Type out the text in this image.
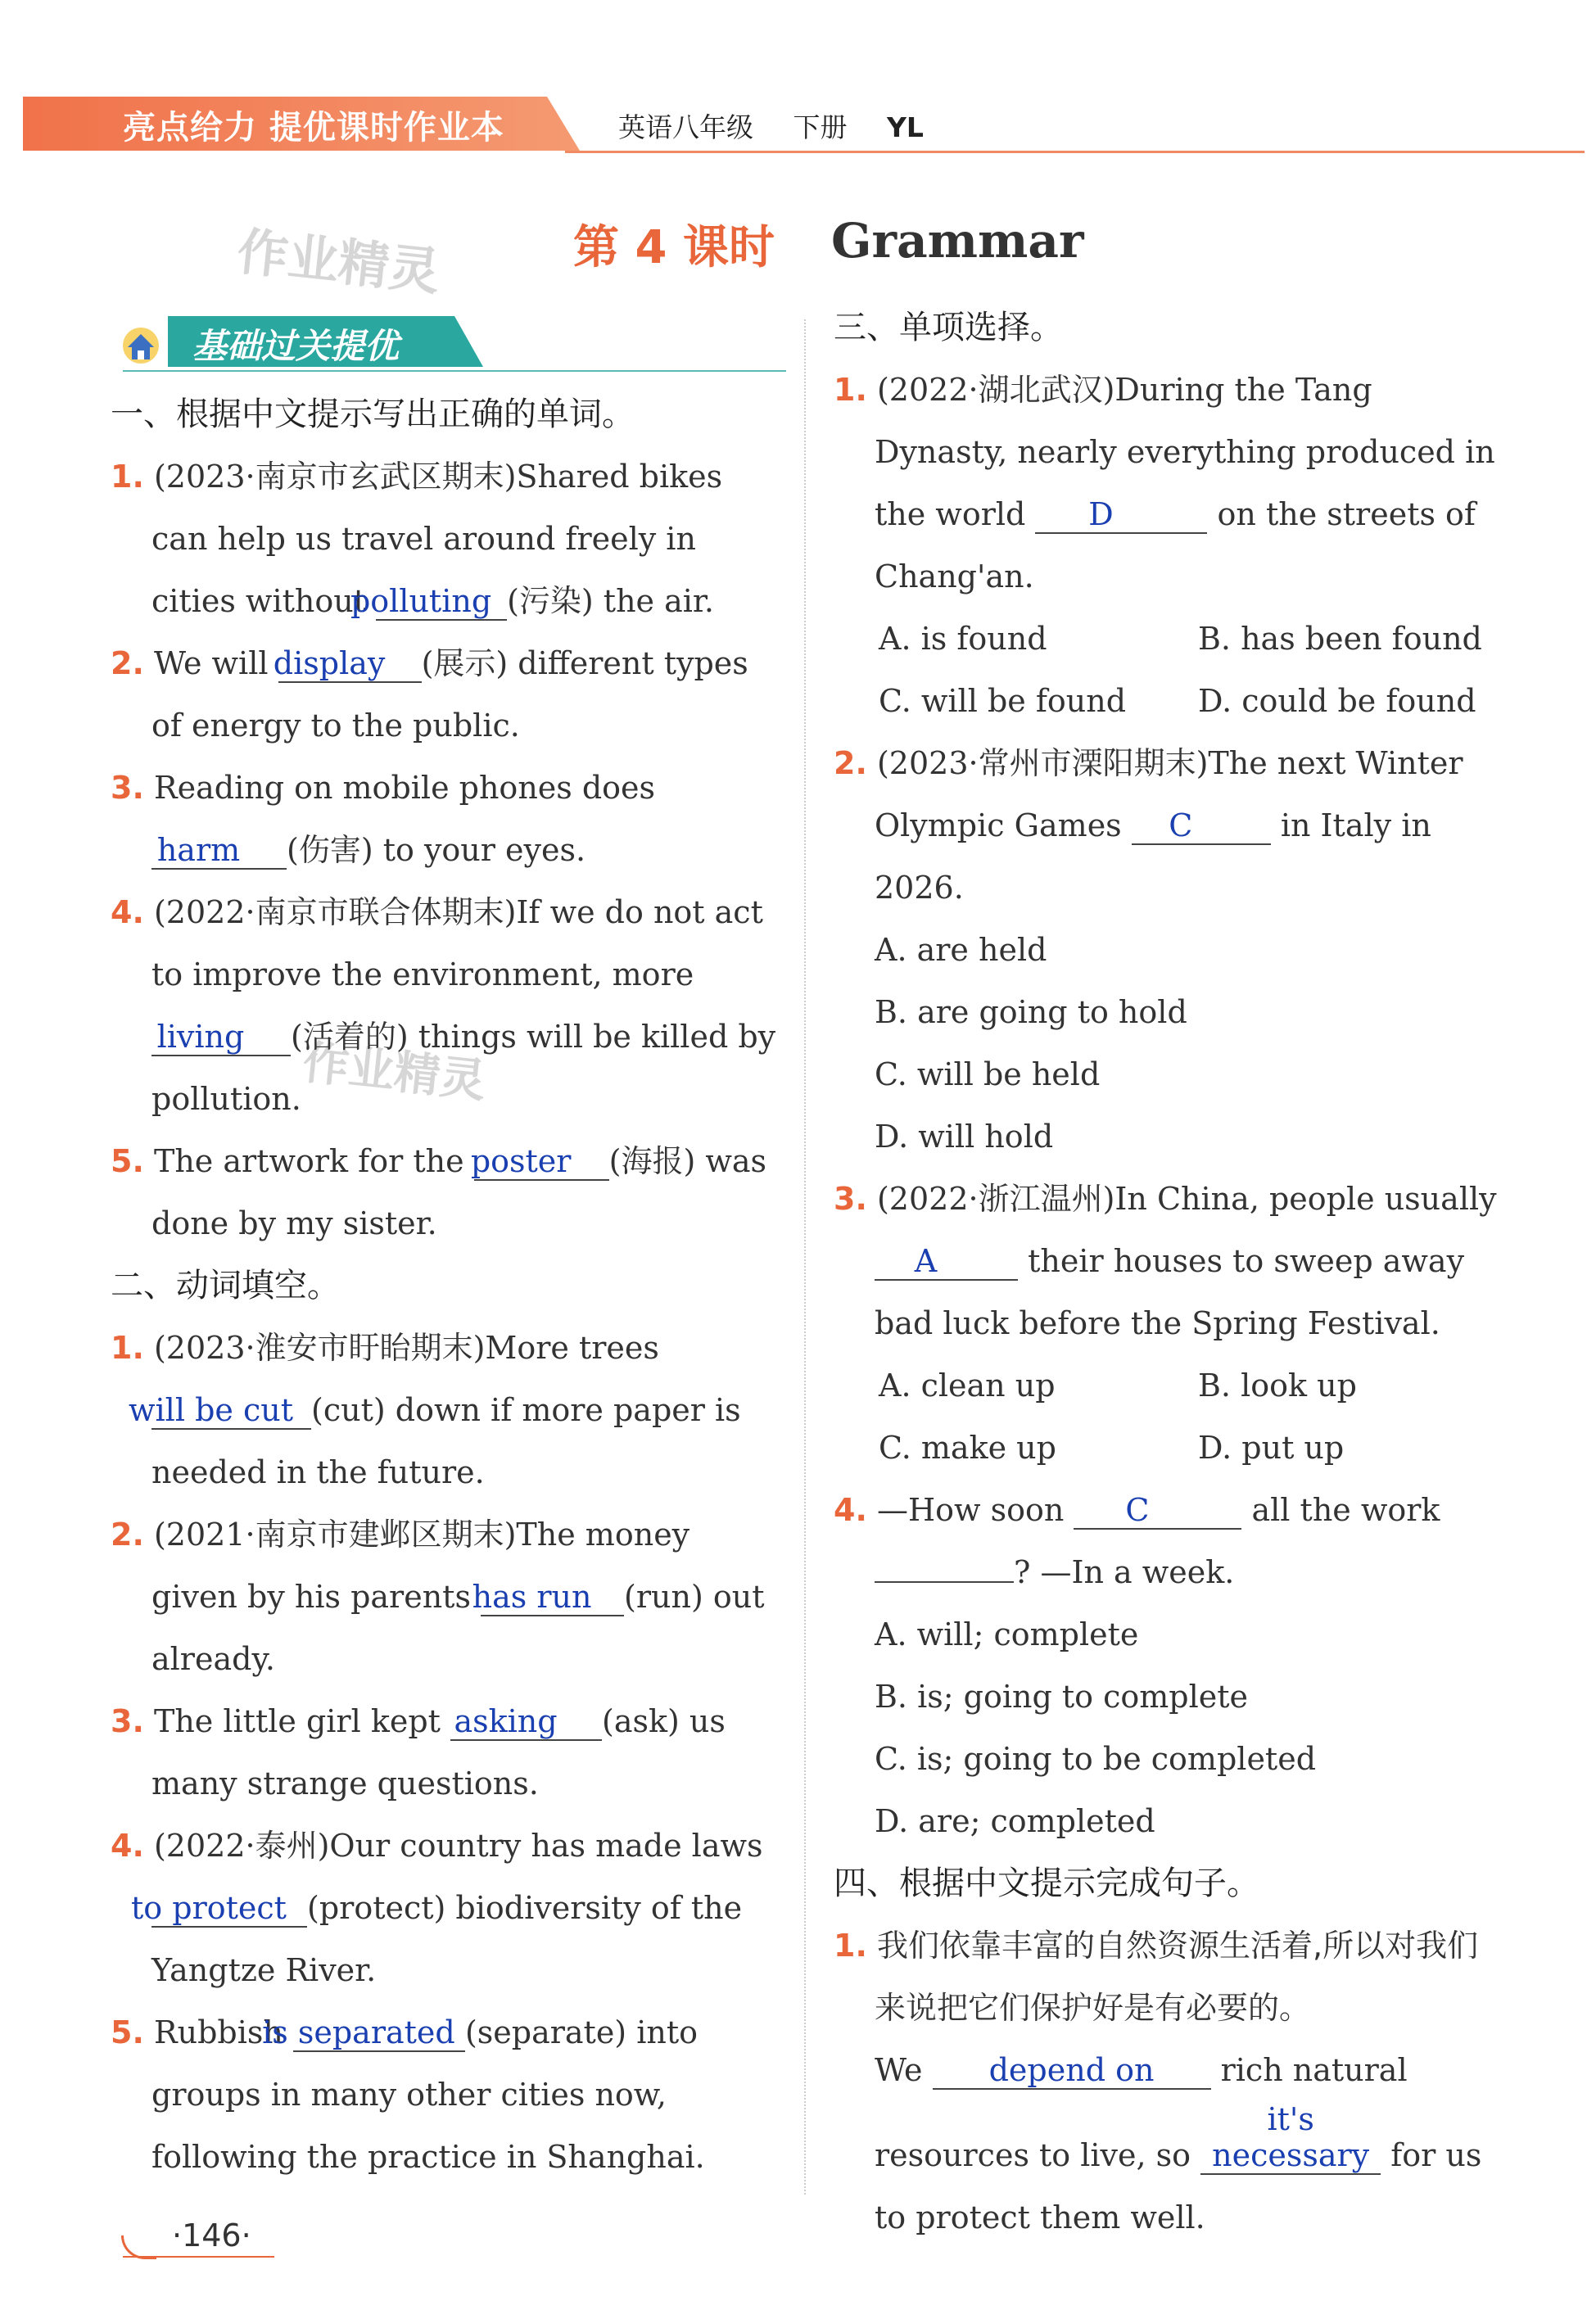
亮点给力 提优课时作业本	英语八年级 下册 YL
作业精灵
作业精灵
第 4 课时 Grammar
基础过关提优

一、根据中文提示写出正确的单词。

1. (2023·南京市玄武区期末)Shared bikes can help us travel around freely in cities without polluting (污染) the air.
2. We will display (展示) different types of energy to the public.
3. Reading on mobile phones does harm (伤害) to your eyes.
4. (2022·南京市联合体期末)If we do not act to improve the environment, more living (活着的) things will be killed by pollution.
5. The artwork for the poster (海报) was done by my sister.

二、动词填空。

1. (2023·淮安市盱眙期末)More trees will be cut (cut) down if more paper is needed in the future.
2. (2021·南京市建邺区期末)The money given by his parents has run (run) out already.
3. The little girl kept asking (ask) us many strange questions.
4. (2022·泰州)Our country has made laws to protect (protect) biodiversity of the Yangtze River.
5. Rubbish is separated (separate) into groups in many other cities now, following the practice in Shanghai.

三、单项选择。

1. (2022·湖北武汉)During the Tang Dynasty, nearly everything produced in the world D	on the streets of Chang'an.
A. is found	B. has been found
C. will be found	D. could be found
2. (2023·常州市溧阳期末)The next Winter Olympic Games C	in Italy in 2026.
A. are held
B. are going to hold
C. will be held
D. will hold
3. (2022·浙江温州)In China, people usually A	their houses to sweep away bad luck before the Spring Festival.
A. clean up	B. look up
C. make up	D. put up
4. —How soon C	all the work ? —In a week.
A. will; complete
B. is; going to complete
C. is; going to be completed
D. are; completed

四、根据中文提示完成句子。

1. 我们依靠丰富的自然资源生活着,所以对我们来说把它们保护好是有必要的。
We depend on rich natural resources to live, so it's necessary for us to protect them well.
·146·
